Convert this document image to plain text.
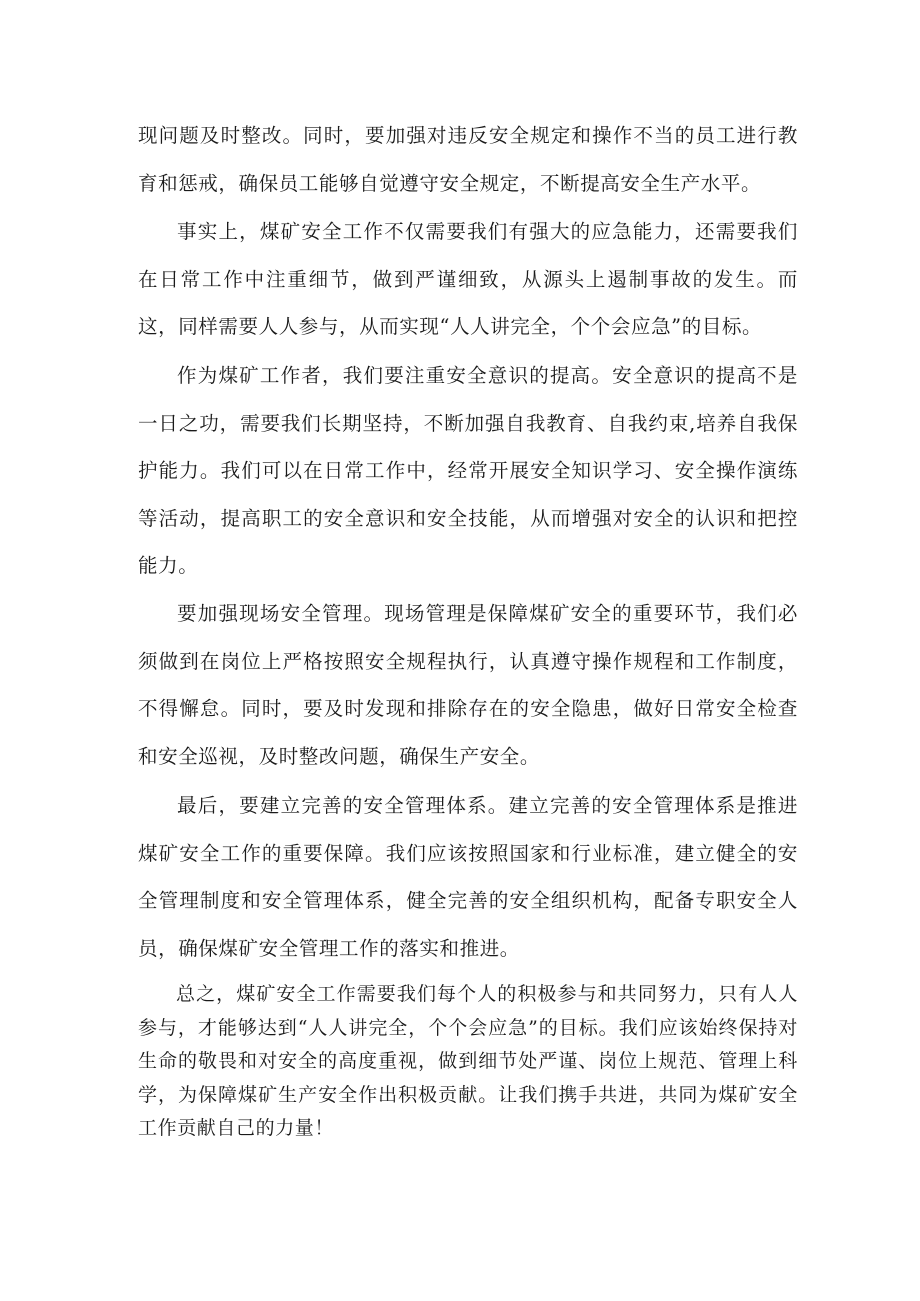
现问题及时整改。同时，要加强对违反安全规定和操作不当的员工进行教育和惩戒，确保员工能够自觉遵守安全规定，不断提高安全生产水平。

事实上，煤矿安全工作不仅需要我们有强大的应急能力，还需要我们在日常工作中注重细节，做到严谨细致，从源头上遏制事故的发生。而这，同样需要人人参与，从而实现“人人讲完全，个个会应急”的目标。

作为煤矿工作者，我们要注重安全意识的提高。安全意识的提高不是一日之功，需要我们长期坚持，不断加强自我教育、自我约束,培养自我保护能力。我们可以在日常工作中，经常开展安全知识学习、安全操作演练等活动，提高职工的安全意识和安全技能，从而增强对安全的认识和把控能力。

要加强现场安全管理。现场管理是保障煤矿安全的重要环节，我们必须做到在岗位上严格按照安全规程执行，认真遵守操作规程和工作制度，不得懈怠。同时，要及时发现和排除存在的安全隐患，做好日常安全检查和安全巡视，及时整改问题，确保生产安全。

最后，要建立完善的安全管理体系。建立完善的安全管理体系是推进煤矿安全工作的重要保障。我们应该按照国家和行业标准，建立健全的安全管理制度和安全管理体系，健全完善的安全组织机构，配备专职安全人员，确保煤矿安全管理工作的落实和推进。

总之，煤矿安全工作需要我们每个人的积极参与和共同努力，只有人人参与，才能够达到“人人讲完全，个个会应急”的目标。我们应该始终保持对生命的敬畏和对安全的高度重视，做到细节处严谨、岗位上规范、管理上科学，为保障煤矿生产安全作出积极贡献。让我们携手共进，共同为煤矿安全工作贡献自己的力量！
